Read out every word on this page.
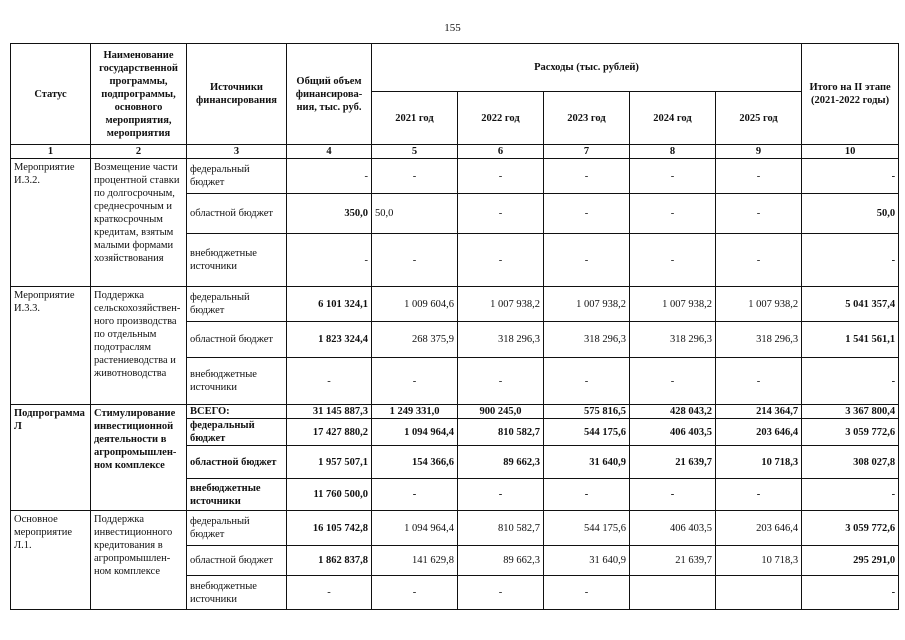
155
Статус	Наименование государственной программы, подпрограммы, основного мероприятия, мероприятия	Источники финансирования	Общий объем финансирова-ния, тыс. руб.	Расходы (тыс. рублей)					Итого на II этапе (2021-2022 годы)
				2021 год	2022 год	2023 год	2024 год	2025 год	
1	2	3	4	5	6	7	8	9	10
Мероприятие И.3.2.	Возмещение части процентной ставки по долгосрочным, среднесрочным и краткосрочным кредитам, взятым малыми формами хозяйствования	федеральный бюджет	-	-	-	-	-	-	-
		областной бюджет	350,0	50,0	-	-	-	-	50,0
		внебюджетные источники	-	-	-	-	-	-	-
Мероприятие И.3.3.	Поддержка сельскохозяйствен-ного производства по отдельным подотраслям растениеводства и животноводства	федеральный бюджет	6 101 324,1	1 009 604,6	1 007 938,2	1 007 938,2	1 007 938,2	1 007 938,2	5 041 357,4
		областной бюджет	1 823 324,4	268 375,9	318 296,3	318 296,3	318 296,3	318 296,3	1 541 561,1
		внебюджетные источники	-	-	-	-	-	-	-
Подпрограмма Л	Стимулирование инвестиционной деятельности в агропромышлен-ном комплексе	ВСЕГО:	31 145 887,3	1 249 331,0	900 245,0	575 816,5	428 043,2	214 364,7	3 367 800,4
		федеральный бюджет	17 427 880,2	1 094 964,4	810 582,7	544 175,6	406 403,5	203 646,4	3 059 772,6
		областной бюджет	1 957 507,1	154 366,6	89 662,3	31 640,9	21 639,7	10 718,3	308 027,8
		внебюджетные источники	11 760 500,0	-	-	-	-	-	-
Основное мероприятие Л.1.	Поддержка инвестиционного кредитования в агропромышлен-ном комплексе	федеральный бюджет	16 105 742,8	1 094 964,4	810 582,7	544 175,6	406 403,5	203 646,4	3 059 772,6
		областной бюджет	1 862 837,8	141 629,8	89 662,3	31 640,9	21 639,7	10 718,3	295 291,0
		внебюджетные источники	-	-	-	-			-
